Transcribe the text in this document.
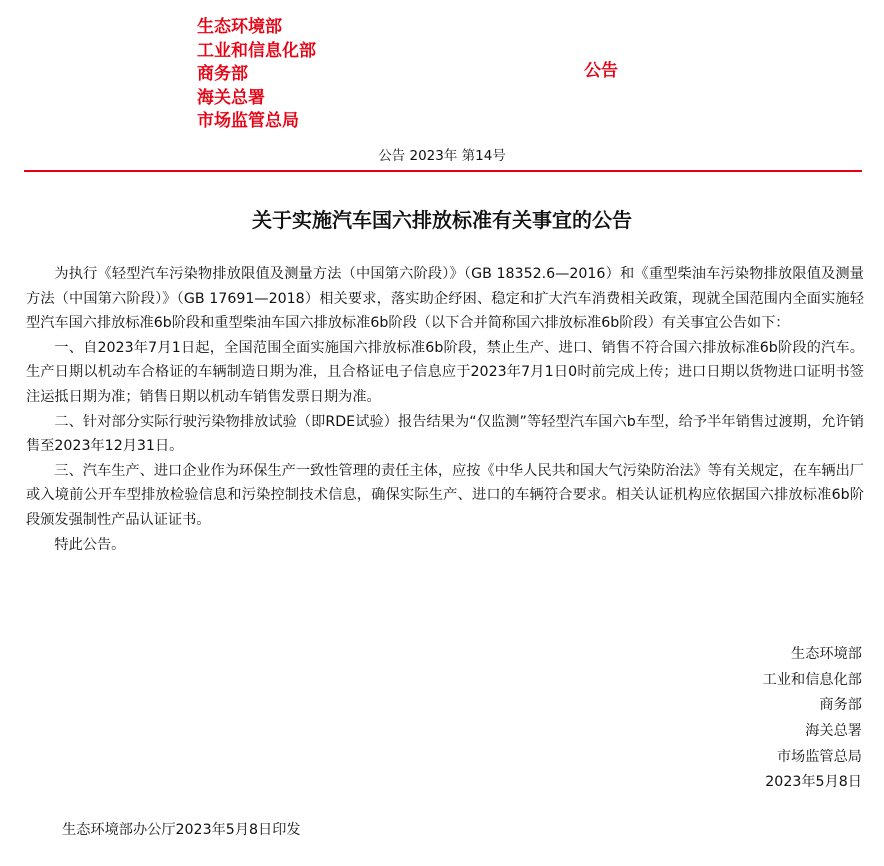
生态环境部
工业和信息化部
商务部
海关总署
市场监管总局
公告
公告 2023年 第14号
关于实施汽车国六排放标准有关事宜的公告

为执行《轻型汽车污染物排放限值及测量方法（中国第六阶段）》（GB 18352.6—2016）和《重型柴油车污染物排放限值及测量方法（中国第六阶段）》（GB 17691—2018）相关要求，落实助企纾困、稳定和扩大汽车消费相关政策，现就全国范围内全面实施轻型汽车国六排放标准6b阶段和重型柴油车国六排放标准6b阶段（以下合并简称国六排放标准6b阶段）有关事宜公告如下：

一、自2023年7月1日起，全国范围全面实施国六排放标准6b阶段，禁止生产、进口、销售不符合国六排放标准6b阶段的汽车。生产日期以机动车合格证的车辆制造日期为准，且合格证电子信息应于2023年7月1日0时前完成上传；进口日期以货物进口证明书签注运抵日期为准；销售日期以机动车销售发票日期为准。

二、针对部分实际行驶污染物排放试验（即RDE试验）报告结果为“仅监测”等轻型汽车国六b车型，给予半年销售过渡期，允许销售至2023年12月31日。

三、汽车生产、进口企业作为环保生产一致性管理的责任主体，应按《中华人民共和国大气污染防治法》等有关规定，在车辆出厂或入境前公开车型排放检验信息和污染控制技术信息，确保实际生产、进口的车辆符合要求。相关认证机构应依据国六排放标准6b阶段颁发强制性产品认证证书。

特此公告。

生态环境部
工业和信息化部
商务部
海关总署
市场监管总局
2023年5月8日
生态环境部办公厅2023年5月8日印发
